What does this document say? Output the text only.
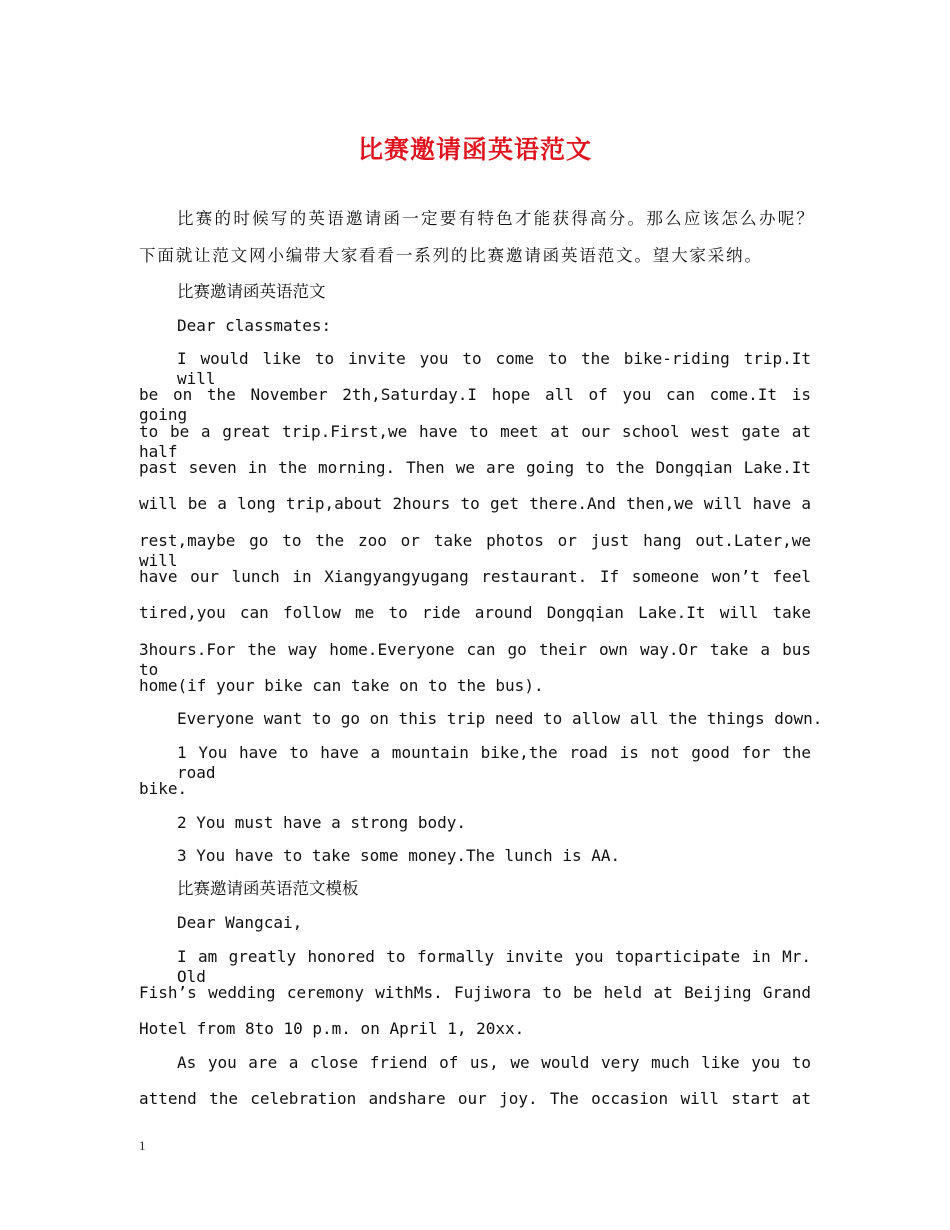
比赛邀请函英语范文
比赛的时候写的英语邀请函一定要有特色才能获得高分。那么应该怎么办呢？
下面就让范文网小编带大家看看一系列的比赛邀请函英语范文。望大家采纳。
比赛邀请函英语范文
Dear classmates:
I would like to invite you to come to the bike-riding trip.It will
be on the November 2th,Saturday.I hope all of you can come.It is going
to be a great trip.First,we have to meet at our school west gate at half
past seven in the morning. Then we are going to the Dongqian Lake.It
will be a long trip,about 2hours to get there.And then,we will have a
rest,maybe go to the zoo or take photos or just hang out.Later,we will
have our lunch in Xiangyangyugang restaurant. If someone won’t feel
tired,you can follow me to ride around Dongqian Lake.It will take
3hours.For the way home.Everyone can go their own way.Or take a bus to
home(if your bike can take on to the bus).
Everyone want to go on this trip need to allow all the things down.
1 You have to have a mountain bike,the road is not good for the road
bike.
2 You must have a strong body.
3 You have to take some money.The lunch is AA.
比赛邀请函英语范文模板
Dear Wangcai,
I am greatly honored to formally invite you toparticipate in Mr. Old
Fish’s wedding ceremony withMs. Fujiwora to be held at Beijing Grand
Hotel from 8to 10 p.m. on April 1, 20xx.
As you are a close friend of us, we would very much like you to
attend the celebration andshare our joy. The occasion will start at
1
